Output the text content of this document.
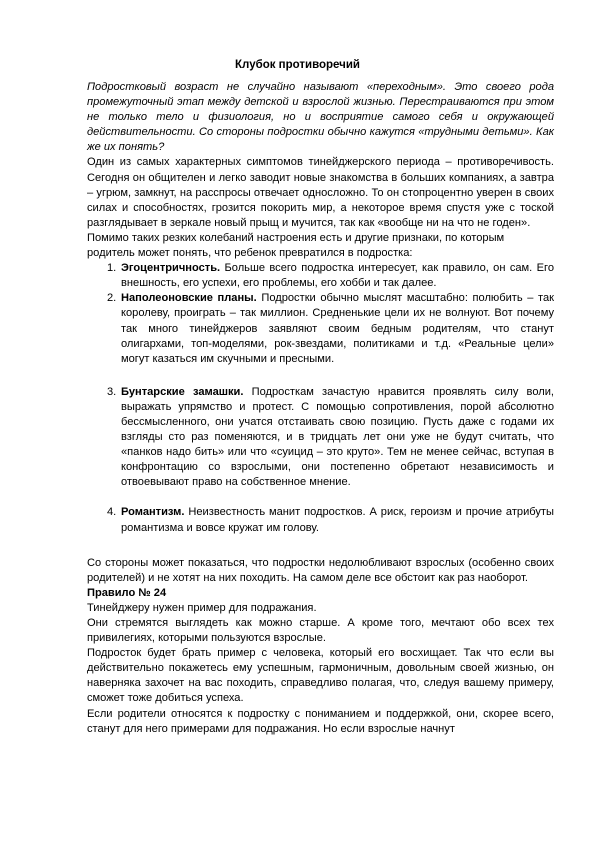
Клубок противоречий

Подростковый возраст не случайно называют «переходным». Это своего рода промежуточный этап между детской и взрослой жизнью. Перестраиваются при этом не только тело и физиология, но и восприятие самого себя и окружающей действительности. Со стороны подростки обычно кажутся «трудными детьми». Как же их понять?

Один из самых характерных симптомов тинейджерского периода – противоречивость. Сегодня он общителен и легко заводит новые знакомства в больших компаниях, а завтра – угрюм, замкнут, на расспросы отвечает односложно. То он стопроцентно уверен в своих силах и способностях, грозится покорить мир, а некоторое время спустя уже с тоской разглядывает в зеркале новый прыщ и мучится, так как «вообще ни на что не годен».

Помимо таких резких колебаний настроения есть и другие признаки, по которым родитель может понять, что ребенок превратился в подростка:

1. Эгоцентричность. Больше всего подростка интересует, как правило, он сам. Его внешность, его успехи, его проблемы, его хобби и так далее.
2. Наполеоновские планы. Подростки обычно мыслят масштабно: полюбить – так королеву, проиграть – так миллион. Средненькие цели их не волнуют. Вот почему так много тинейджеров заявляют своим бедным родителям, что станут олигархами, топ-моделями, рок-звездами, политиками и т.д. «Реальные цели» могут казаться им скучными и пресными.
3. Бунтарские замашки. Подросткам зачастую нравится проявлять силу воли, выражать упрямство и протест. С помощью сопротивления, порой абсолютно бессмысленного, они учатся отстаивать свою позицию. Пусть даже с годами их взгляды сто раз поменяются, и в тридцать лет они уже не будут считать, что «панков надо бить» или что «суицид – это круто». Тем не менее сейчас, вступая в конфронтацию со взрослыми, они постепенно обретают независимость и отвоевывают право на собственное мнение.
4. Романтизм. Неизвестность манит подростков. А риск, героизм и прочие атрибуты романтизма и вовсе кружат им голову.

Со стороны может показаться, что подростки недолюбливают взрослых (особенно своих родителей) и не хотят на них походить. На самом деле все обстоит как раз наоборот.

Правило № 24

Тинейджеру нужен пример для подражания.

Они стремятся выглядеть как можно старше. А кроме того, мечтают обо всех тех привилегиях, которыми пользуются взрослые.

Подросток будет брать пример с человека, который его восхищает. Так что если вы действительно покажетесь ему успешным, гармоничным, довольным своей жизнью, он наверняка захочет на вас походить, справедливо полагая, что, следуя вашему примеру, сможет тоже добиться успеха.

Если родители относятся к подростку с пониманием и поддержкой, они, скорее всего, станут для него примерами для подражания. Но если взрослые начнут
